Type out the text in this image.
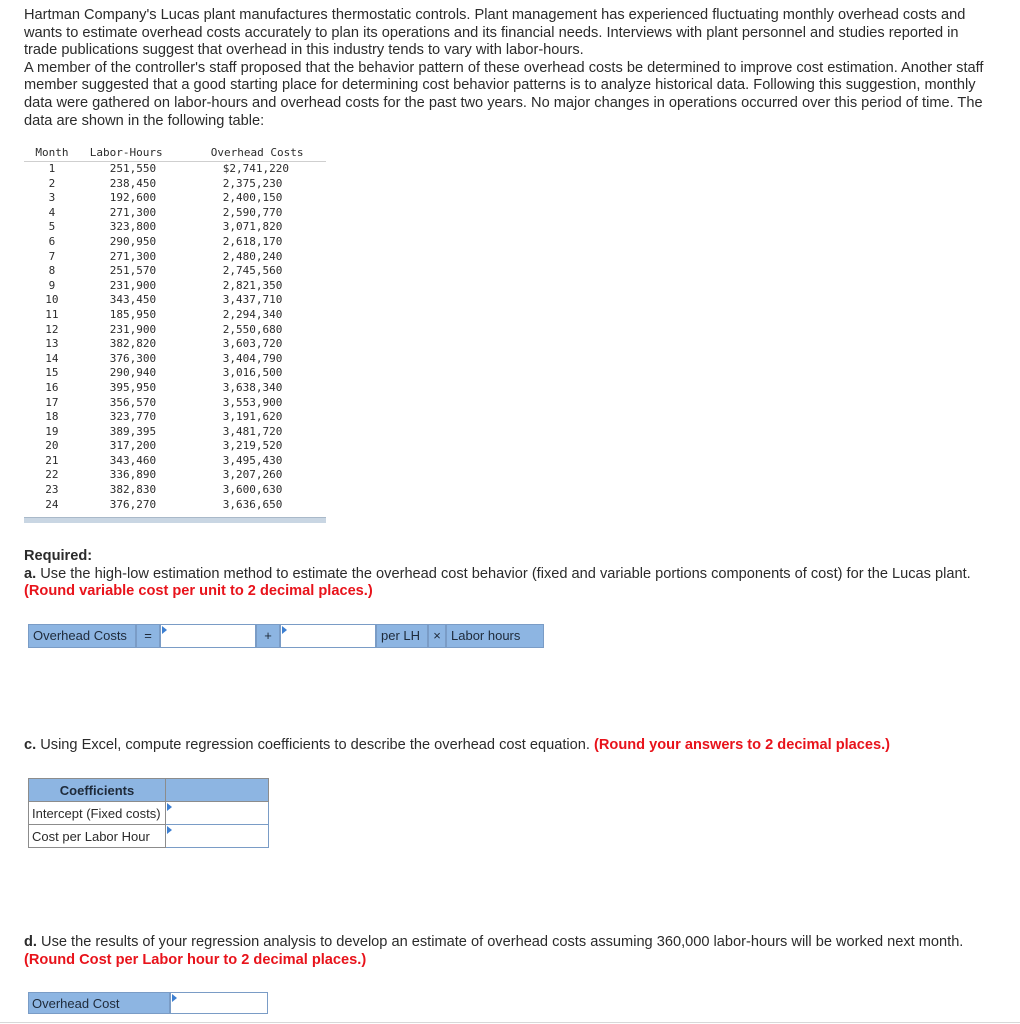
Hartman Company's Lucas plant manufactures thermostatic controls. Plant management has experienced fluctuating monthly overhead costs and wants to estimate overhead costs accurately to plan its operations and its financial needs. Interviews with plant personnel and studies reported in trade publications suggest that overhead in this industry tends to vary with labor-hours.

A member of the controller's staff proposed that the behavior pattern of these overhead costs be determined to improve cost estimation. Another staff member suggested that a good starting place for determining cost behavior patterns is to analyze historical data. Following this suggestion, monthly data were gathered on labor-hours and overhead costs for the past two years. No major changes in operations occurred over this period of time. The data are shown in the following table:

Month	Labor-Hours	Overhead Costs
1	251,550	$2,741,220
2	238,450	2,375,230
3	192,600	2,400,150
4	271,300	2,590,770
5	323,800	3,071,820
6	290,950	2,618,170
7	271,300	2,480,240
8	251,570	2,745,560
9	231,900	2,821,350
10	343,450	3,437,710
11	185,950	2,294,340
12	231,900	2,550,680
13	382,820	3,603,720
14	376,300	3,404,790
15	290,940	3,016,500
16	395,950	3,638,340
17	356,570	3,553,900
18	323,770	3,191,620
19	389,395	3,481,720
20	317,200	3,219,520
21	343,460	3,495,430
22	336,890	3,207,260
23	382,830	3,600,630
24	376,270	3,636,650
Required:
a. Use the high-low estimation method to estimate the overhead cost behavior (fixed and variable portions components of cost) for the Lucas plant. (Round variable cost per unit to 2 decimal places.)
Overhead Costs	=	+	per LH	× Labor hours
c. Using Excel, compute regression coefficients to describe the overhead cost equation. (Round your answers to 2 decimal places.)
Coefficients	
Intercept (Fixed costs)	
Cost per Labor Hour	
d. Use the results of your regression analysis to develop an estimate of overhead costs assuming 360,000 labor-hours will be worked next month. (Round Cost per Labor hour to 2 decimal places.)
Overhead Cost
